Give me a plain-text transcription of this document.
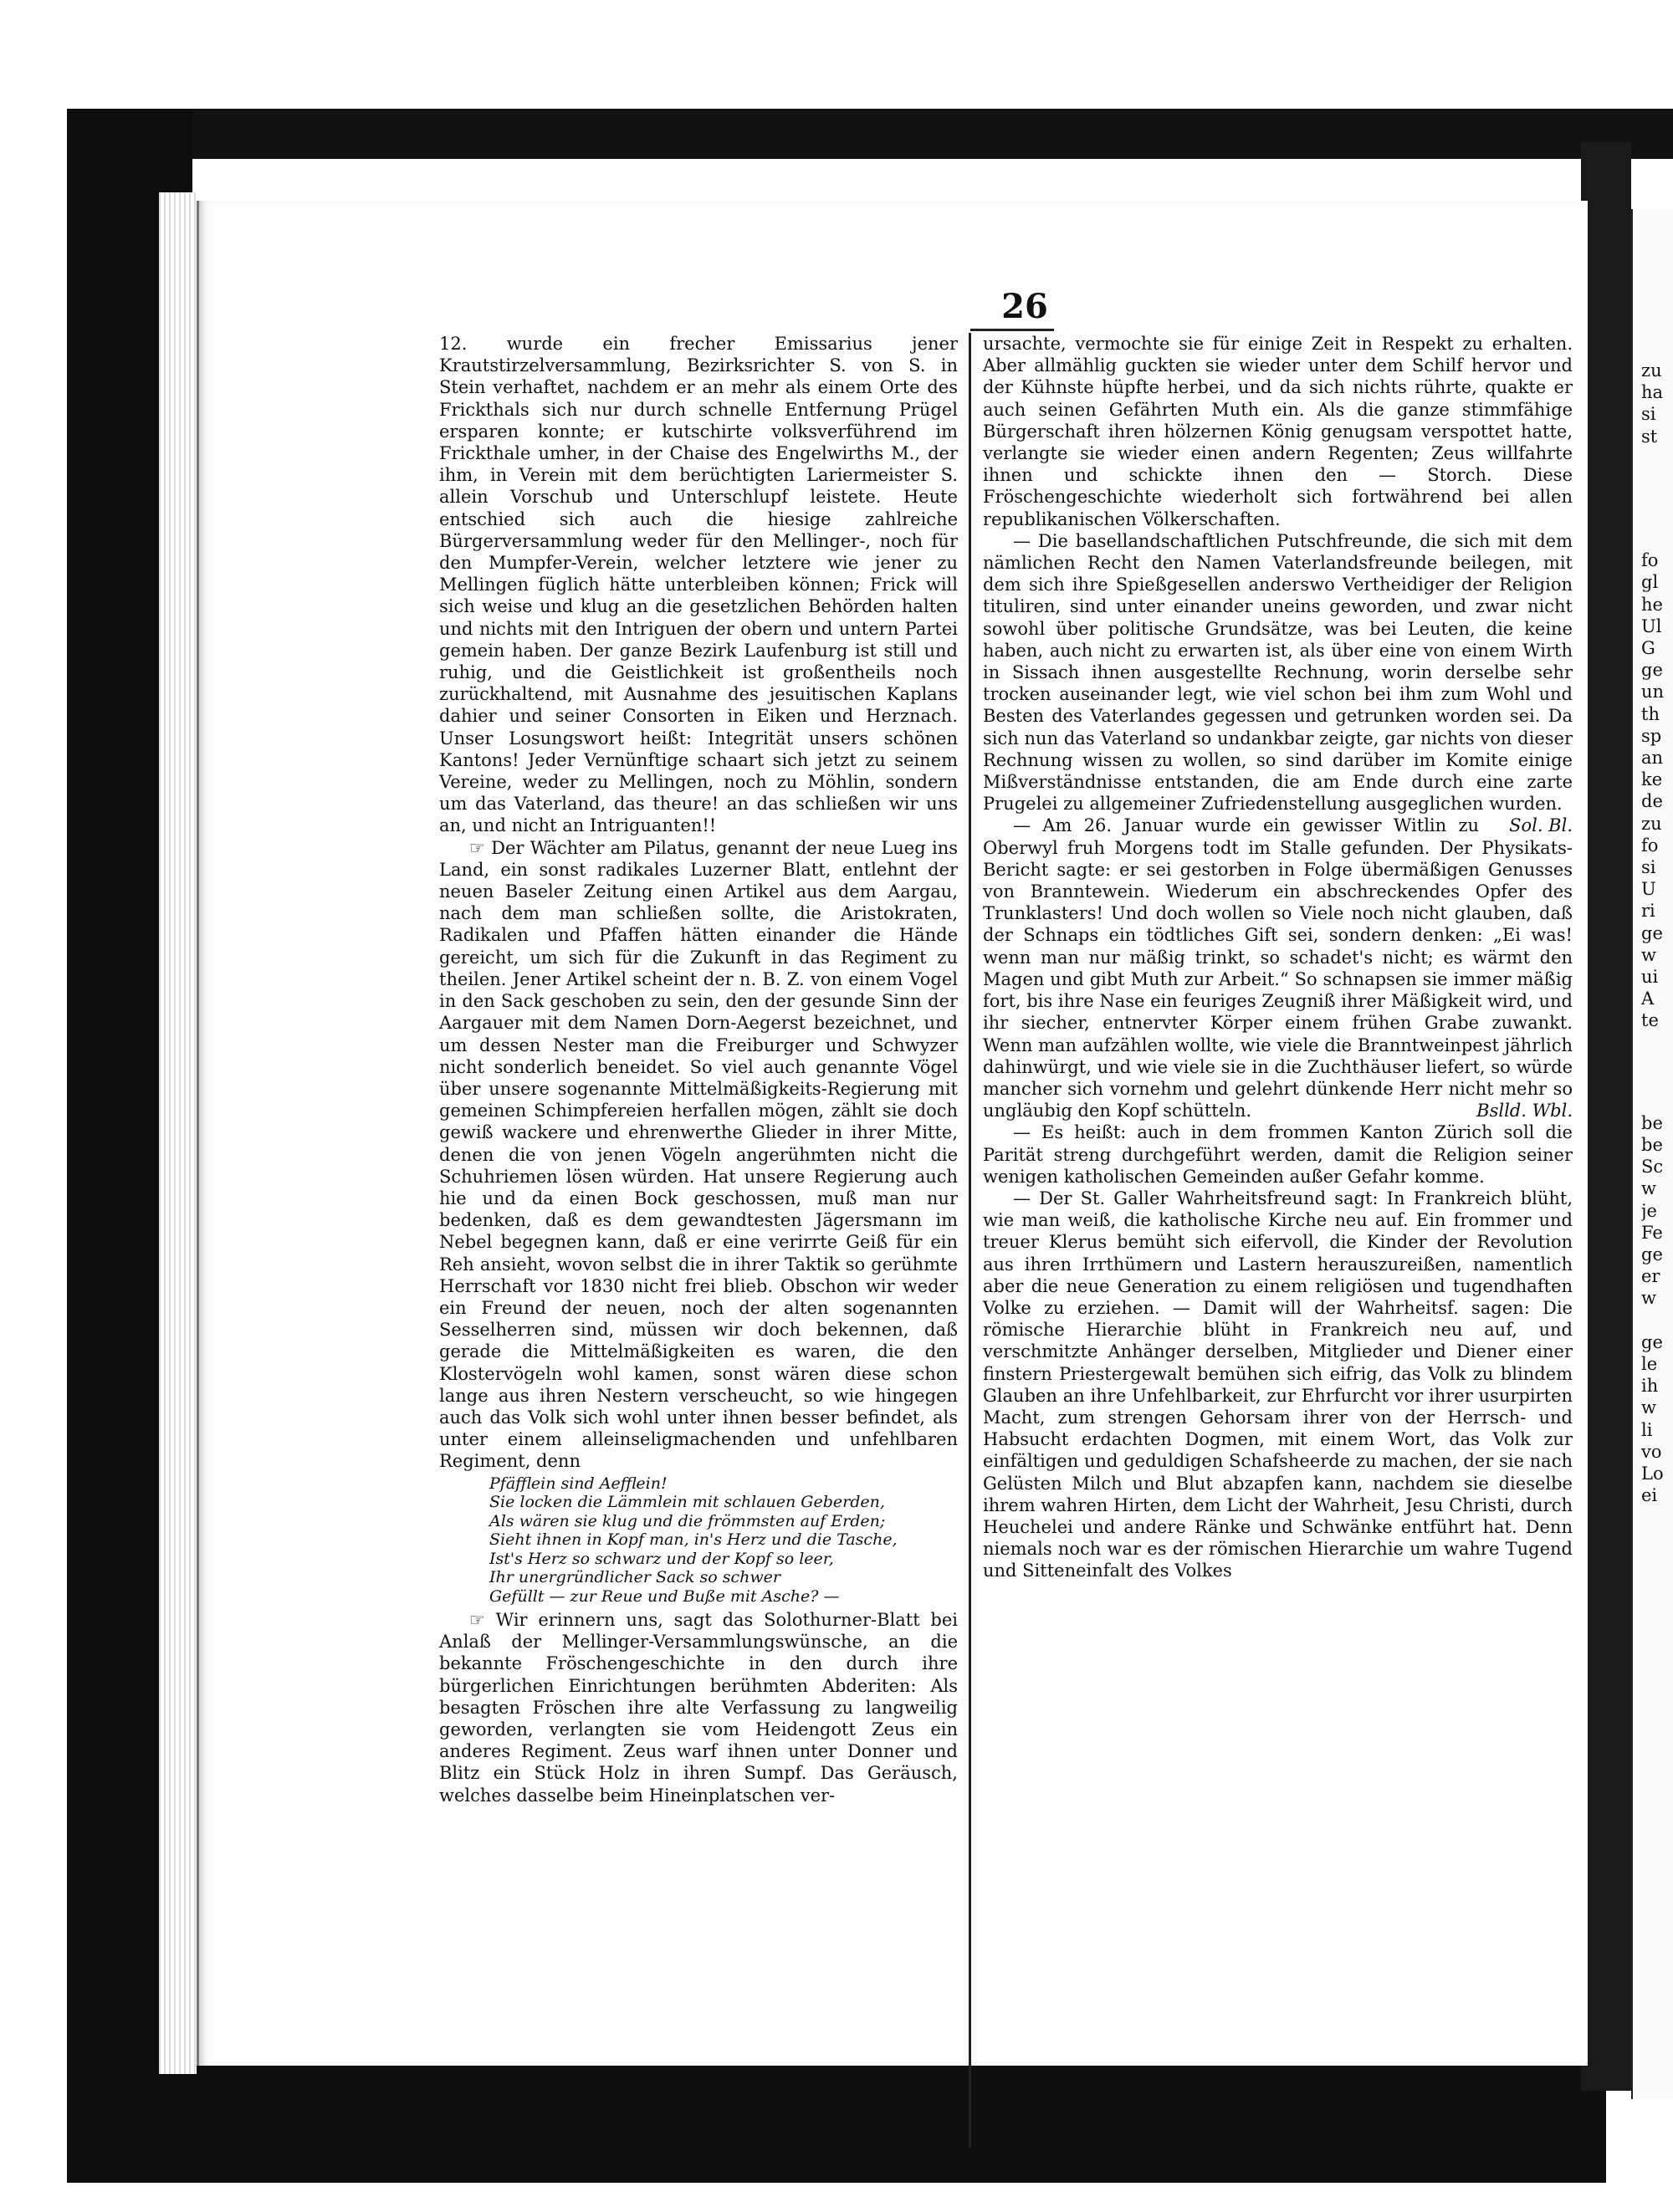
26

12. wurde ein frecher Emissarius jener Krautstirzelversammlung, Bezirksrichter S. von S. in Stein verhaftet, nachdem er an mehr als einem Orte des Frickthals sich nur durch schnelle Entfernung Prügel ersparen konnte; er kutschirte volksverführend im Frickthale umher, in der Chaise des Engelwirths M., der ihm, in Verein mit dem berüchtigten Lariermeister S. allein Vorschub und Unterschlupf leistete. Heute entschied sich auch die hiesige zahlreiche Bürgerversammlung weder für den Mellinger-, noch für den Mumpfer-Verein, welcher letztere wie jener zu Mellingen füglich hätte unterbleiben können; Frick will sich weise und klug an die gesetzlichen Behörden halten und nichts mit den Intriguen der obern und untern Partei gemein haben. Der ganze Bezirk Laufenburg ist still und ruhig, und die Geistlichkeit ist großentheils noch zurückhaltend, mit Ausnahme des jesuitischen Kaplans dahier und seiner Consorten in Eiken und Herznach. Unser Losungswort heißt: Integrität unsers schönen Kantons! Jeder Vernünftige schaart sich jetzt zu seinem Vereine, weder zu Mellingen, noch zu Möhlin, sondern um das Vaterland, das theure! an das schließen wir uns an, und nicht an Intriguanten!!

☞ Der Wächter am Pilatus, genannt der neue Lueg ins Land, ein sonst radikales Luzerner Blatt, entlehnt der neuen Baseler Zeitung einen Artikel aus dem Aargau, nach dem man schließen sollte, die Aristokraten, Radikalen und Pfaffen hätten einander die Hände gereicht, um sich für die Zukunft in das Regiment zu theilen. Jener Artikel scheint der n. B. Z. von einem Vogel in den Sack geschoben zu sein, den der gesunde Sinn der Aargauer mit dem Namen Dorn-Aegerst bezeichnet, und um dessen Nester man die Freiburger und Schwyzer nicht sonderlich beneidet. So viel auch genannte Vögel über unsere sogenannte Mittelmäßigkeits-Regierung mit gemeinen Schimpfereien herfallen mögen, zählt sie doch gewiß wackere und ehrenwerthe Glieder in ihrer Mitte, denen die von jenen Vögeln angerühmten nicht die Schuhriemen lösen würden. Hat unsere Regierung auch hie und da einen Bock geschossen, muß man nur bedenken, daß es dem gewandtesten Jägersmann im Nebel begegnen kann, daß er eine verirrte Geiß für ein Reh ansieht, wovon selbst die in ihrer Taktik so gerühmte Herrschaft vor 1830 nicht frei blieb. Obschon wir weder ein Freund der neuen, noch der alten sogenannten Sesselherren sind, müssen wir doch bekennen, daß gerade die Mittelmäßigkeiten es waren, die den Klostervögeln wohl kamen, sonst wären diese schon lange aus ihren Nestern verscheucht, so wie hingegen auch das Volk sich wohl unter ihnen besser befindet, als unter einem alleinseligmachenden und unfehlbaren Regiment, denn

Pfäfflein sind Aefflein!
Sie locken die Lämmlein mit schlauen Geberden,
Als wären sie klug und die frömmsten auf Erden;
Sieht ihnen in Kopf man, in's Herz und die Tasche,
Ist's Herz so schwarz und der Kopf so leer,
Ihr unergründlicher Sack so schwer
Gefüllt — zur Reue und Buße mit Asche? —

☞ Wir erinnern uns, sagt das Solothurner-Blatt bei Anlaß der Mellinger-Versammlungswünsche, an die bekannte Fröschengeschichte in den durch ihre bürgerlichen Einrichtungen berühmten Abderiten: Als besagten Fröschen ihre alte Verfassung zu langweilig geworden, verlangten sie vom Heidengott Zeus ein anderes Regiment. Zeus warf ihnen unter Donner und Blitz ein Stück Holz in ihren Sumpf. Das Geräusch, welches dasselbe beim Hineinplatschen ver-

ursachte, vermochte sie für einige Zeit in Respekt zu erhalten. Aber allmählig guckten sie wieder unter dem Schilf hervor und der Kühnste hüpfte herbei, und da sich nichts rührte, quakte er auch seinen Gefährten Muth ein. Als die ganze stimmfähige Bürgerschaft ihren hölzernen König genugsam verspottet hatte, verlangte sie wieder einen andern Regenten; Zeus willfahrte ihnen und schickte ihnen den — Storch. Diese Fröschengeschichte wiederholt sich fortwährend bei allen republikanischen Völkerschaften.

— Die basellandschaftlichen Putschfreunde, die sich mit dem nämlichen Recht den Namen Vaterlandsfreunde beilegen, mit dem sich ihre Spießgesellen anderswo Vertheidiger der Religion tituliren, sind unter einander uneins geworden, und zwar nicht sowohl über politische Grundsätze, was bei Leuten, die keine haben, auch nicht zu erwarten ist, als über eine von einem Wirth in Sissach ihnen ausgestellte Rechnung, worin derselbe sehr trocken auseinander legt, wie viel schon bei ihm zum Wohl und Besten des Vaterlandes gegessen und getrunken worden sei. Da sich nun das Vaterland so undankbar zeigte, gar nichts von dieser Rechnung wissen zu wollen, so sind darüber im Komite einige Mißverständnisse entstanden, die am Ende durch eine zarte Prugelei zu allgemeiner Zufriedenstellung ausgeglichen wurden.
Sol. Bl.

— Am 26. Januar wurde ein gewisser Witlin zu Oberwyl fruh Morgens todt im Stalle gefunden. Der Physikats-Bericht sagte: er sei gestorben in Folge übermäßigen Genusses von Branntewein. Wiederum ein abschreckendes Opfer des Trunklasters! Und doch wollen so Viele noch nicht glauben, daß der Schnaps ein tödtliches Gift sei, sondern denken: „Ei was! wenn man nur mäßig trinkt, so schadet's nicht; es wärmt den Magen und gibt Muth zur Arbeit.“ So schnapsen sie immer mäßig fort, bis ihre Nase ein feuriges Zeugniß ihrer Mäßigkeit wird, und ihr siecher, entnervter Körper einem frühen Grabe zuwankt. Wenn man aufzählen wollte, wie viele die Branntweinpest jährlich dahinwürgt, und wie viele sie in die Zuchthäuser liefert, so würde mancher sich vornehm und gelehrt dünkende Herr nicht mehr so ungläubig den Kopf schütteln.	Bslld. Wbl.

— Es heißt: auch in dem frommen Kanton Zürich soll die Parität streng durchgeführt werden, damit die Religion seiner wenigen katholischen Gemeinden außer Gefahr komme.

— Der St. Galler Wahrheitsfreund sagt: In Frankreich blüht, wie man weiß, die katholische Kirche neu auf. Ein frommer und treuer Klerus bemüht sich eifervoll, die Kinder der Revolution aus ihren Irrthümern und Lastern herauszureißen, namentlich aber die neue Generation zu einem religiösen und tugendhaften Volke zu erziehen. — Damit will der Wahrheitsf. sagen: Die römische Hierarchie blüht in Frankreich neu auf, und verschmitzte Anhänger derselben, Mitglieder und Diener einer finstern Priestergewalt bemühen sich eifrig, das Volk zu blindem Glauben an ihre Unfehlbarkeit, zur Ehrfurcht vor ihrer usurpirten Macht, zum strengen Gehorsam ihrer von der Herrsch- und Habsucht erdachten Dogmen, mit einem Wort, das Volk zur einfältigen und geduldigen Schafsheerde zu machen, der sie nach Gelüsten Milch und Blut abzapfen kann, nachdem sie dieselbe ihrem wahren Hirten, dem Licht der Wahrheit, Jesu Christi, durch Heuchelei und andere Ränke und Schwänke entführt hat. Denn niemals noch war es der römischen Hierarchie um wahre Tugend und Sitteneinfalt des Volkes

zu
ha
si
st
fo
gl
he
Ul
G
ge
un
th
sp
an
ke
de
zu
fo
si
U
ri
ge
w
ui
A
te
be
be
Sc
w
je
Fe
ge
er
w
ge
le
ih
w
li
vo
Lo
ei
